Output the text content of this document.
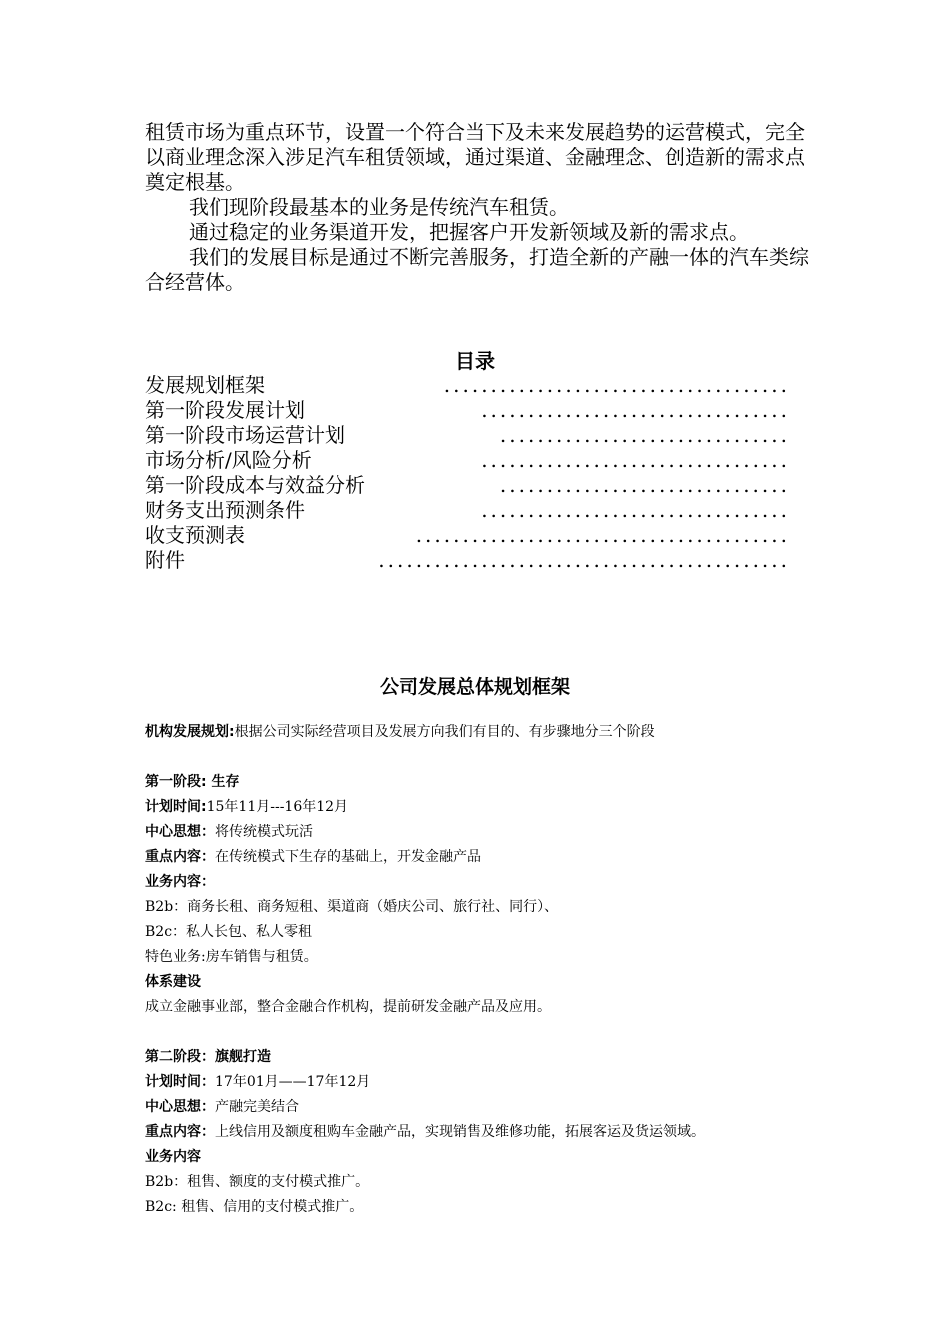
租赁市场为重点环节，设置一个符合当下及未来发展趋势的运营模式，完全以商业理念深入涉足汽车租赁领域，通过渠道、金融理念、创造新的需求点奠定根基。

我们现阶段最基本的业务是传统汽车租赁。

通过稳定的业务渠道开发，把握客户开发新领域及新的需求点。

我们的发展目标是通过不断完善服务，打造全新的产融一体的汽车类综合经营体。

目录
发展规划框架	.....................................
第一阶段发展计划	.................................
第一阶段市场运营计划	...............................
市场分析/风险分析	.................................
第一阶段成本与效益分析	...............................
财务支出预测条件	.................................
收支预测表	........................................
附件	............................................
公司发展总体规划框架
机构发展规划:根据公司实际经营项目及发展方向我们有目的、有步骤地分三个阶段
第一阶段: 生存
计划时间:15年11月---16年12月
中心思想：将传统模式玩活
重点内容：在传统模式下生存的基础上，开发金融产品
业务内容：
B2b：商务长租、商务短租、渠道商（婚庆公司、旅行社、同行）、
B2c：私人长包、私人零租
特色业务:房车销售与租赁。
体系建设
成立金融事业部，整合金融合作机构，提前研发金融产品及应用。
第二阶段：旗舰打造
计划时间：17年01月——17年12月
中心思想：产融完美结合
重点内容：上线信用及额度租购车金融产品，实现销售及维修功能，拓展客运及货运领域。
业务内容
B2b：租售、额度的支付模式推广。
B2c: 租售、信用的支付模式推广。
